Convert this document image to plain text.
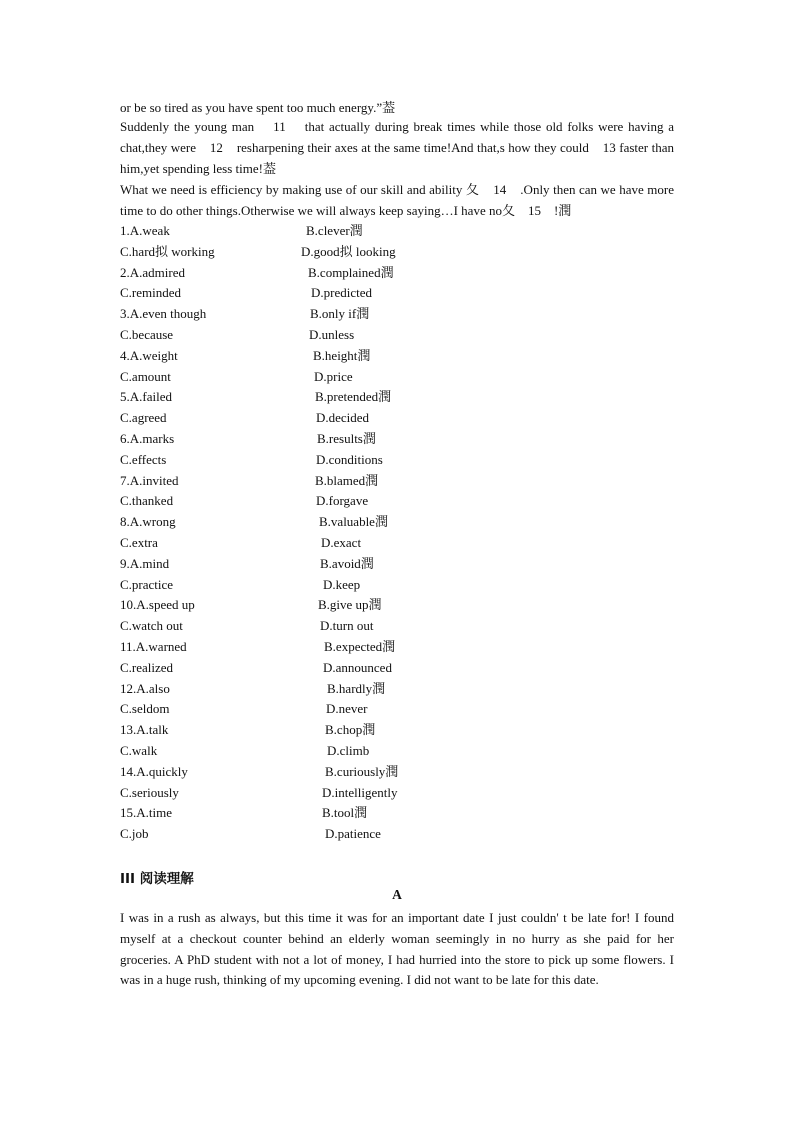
or be so tired as you have spent too much energy.”葢
Suddenly the young man    11    that actually during break times while those old folks were having a chat,they were    12    resharpening their axes at the same time!And that,s how they could    13 faster than him,yet spending less time!葢
What we need is efficiency by making use of our skill and ability 夂    14    .Only then can we have more time to do other things.Otherwise we will always keep saying…I have no夂    15    !潤
1.A.weak	B.clever潤
C.hard拟 working	D.good拟 looking
2.A.admired	B.complained潤
C.reminded	D.predicted
3.A.even though	B.only if潤
C.because	D.unless
4.A.weight	B.height潤
C.amount	D.price
5.A.failed	B.pretended潤
C.agreed	D.decided
6.A.marks	B.results潤
C.effects	D.conditions
7.A.invited	B.blamed潤
C.thanked	D.forgave
8.A.wrong	B.valuable潤
C.extra	D.exact
9.A.mind	B.avoid潤
C.practice	D.keep
10.A.speed up	B.give up潤
C.watch out	D.turn out
11.A.warned	B.expected潤
C.realized	D.announced
12.A.also	B.hardly潤
C.seldom	D.never
13.A.talk	B.chop潤
C.walk	D.climb
14.A.quickly	B.curiously潤
C.seriously	D.intelligently
15.A.time	B.tool潤
C.job	D.patience
III 阅读理解
A
I was in a rush as always, but this time it was for an important date I just couldn' t be late for! I found myself at a checkout counter behind an elderly woman seemingly in no hurry as she paid for her groceries. A PhD student with not a lot of money, I had hurried into the store to pick up some flowers. I was in a huge rush, thinking of my upcoming evening. I did not want to be late for this date.
